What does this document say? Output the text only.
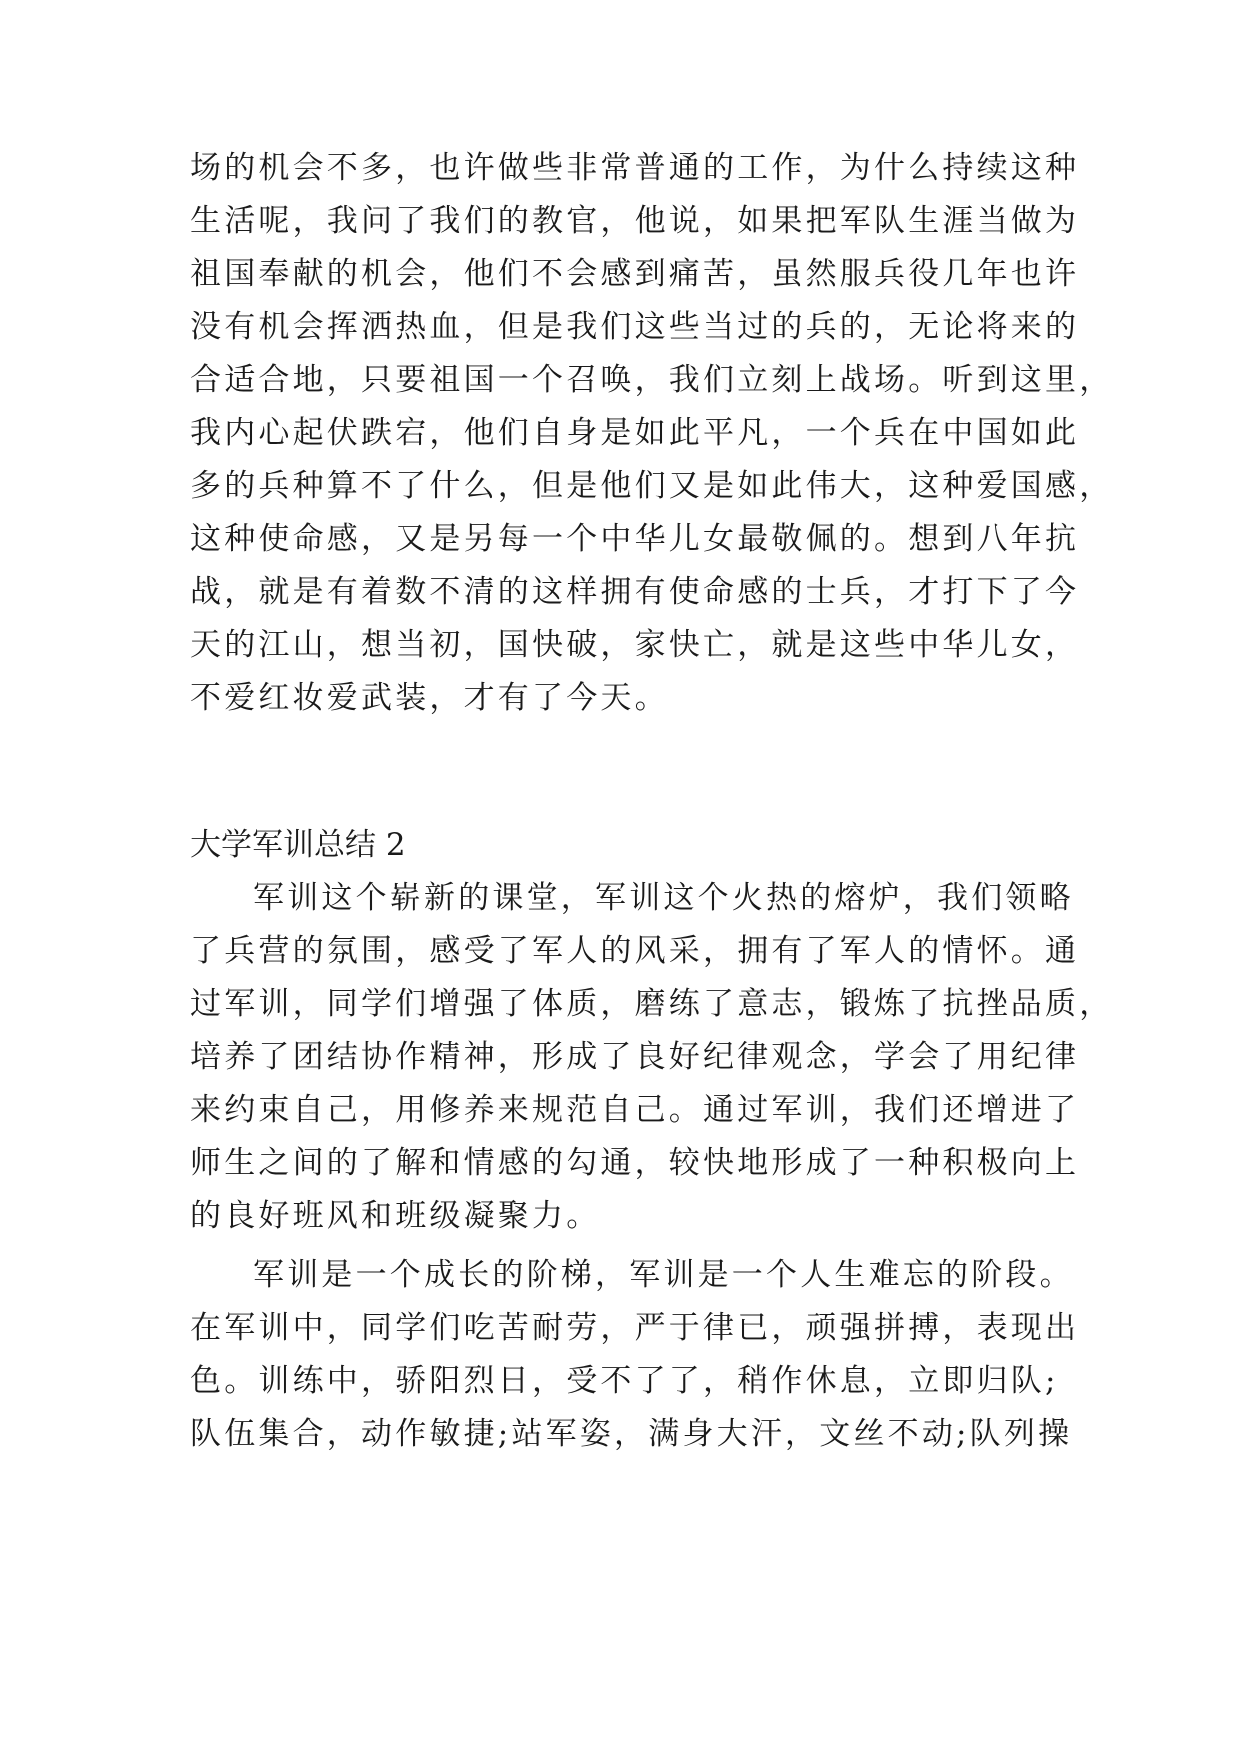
场的机会不多，也许做些非常普通的工作，为什么持续这种
生活呢，我问了我们的教官，他说，如果把军队生涯当做为
祖国奉献的机会，他们不会感到痛苦，虽然服兵役几年也许
没有机会挥洒热血，但是我们这些当过的兵的，无论将来的
合适合地，只要祖国一个召唤，我们立刻上战场。听到这里，
我内心起伏跌宕，他们自身是如此平凡，一个兵在中国如此
多的兵种算不了什么，但是他们又是如此伟大，这种爱国感，
这种使命感，又是另每一个中华儿女最敬佩的。想到八年抗
战，就是有着数不清的这样拥有使命感的士兵，才打下了今
天的江山，想当初，国快破，家快亡，就是这些中华儿女，
不爱红妆爱武装，才有了今天。
大学军训总结 2
军训这个崭新的课堂，军训这个火热的熔炉，我们领略
了兵营的氛围，感受了军人的风采，拥有了军人的情怀。通
过军训，同学们增强了体质，磨练了意志，锻炼了抗挫品质，
培养了团结协作精神，形成了良好纪律观念，学会了用纪律
来约束自己，用修养来规范自己。通过军训，我们还增进了
师生之间的了解和情感的勾通，较快地形成了一种积极向上
的良好班风和班级凝聚力。
军训是一个成长的阶梯，军训是一个人生难忘的阶段。
在军训中，同学们吃苦耐劳，严于律已，顽强拼搏，表现出
色。训练中，骄阳烈日，受不了了，稍作休息，立即归队;
队伍集合，动作敏捷;站军姿，满身大汗，文丝不动;队列操
